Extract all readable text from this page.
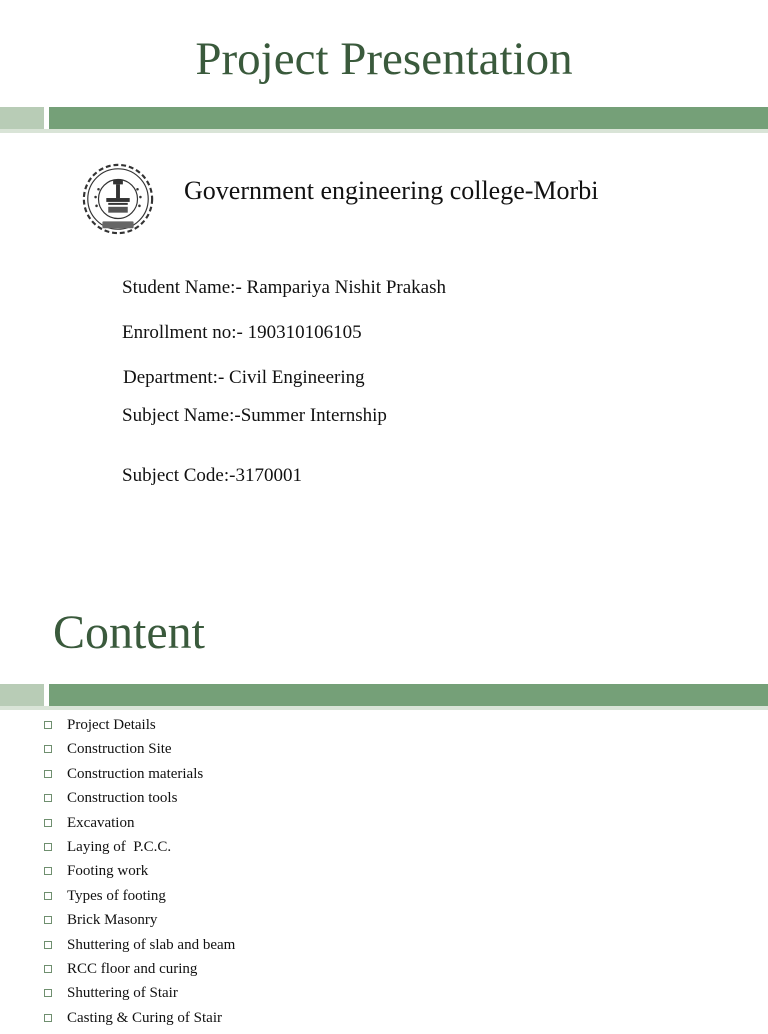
Project Presentation
Government engineering college-Morbi
Student Name:- Rampariya Nishit Prakash
Enrollment no:- 190310106105
Department:- Civil Engineering
Subject Name:-Summer Internship
Subject Code:-3170001
Content
Project Details
Construction Site
Construction materials
Construction tools
Excavation
Laying of  P.C.C.
Footing work
Types of footing
Brick Masonry
Shuttering of slab and beam
RCC floor and curing
Shuttering of Stair
Casting & Curing of Stair
